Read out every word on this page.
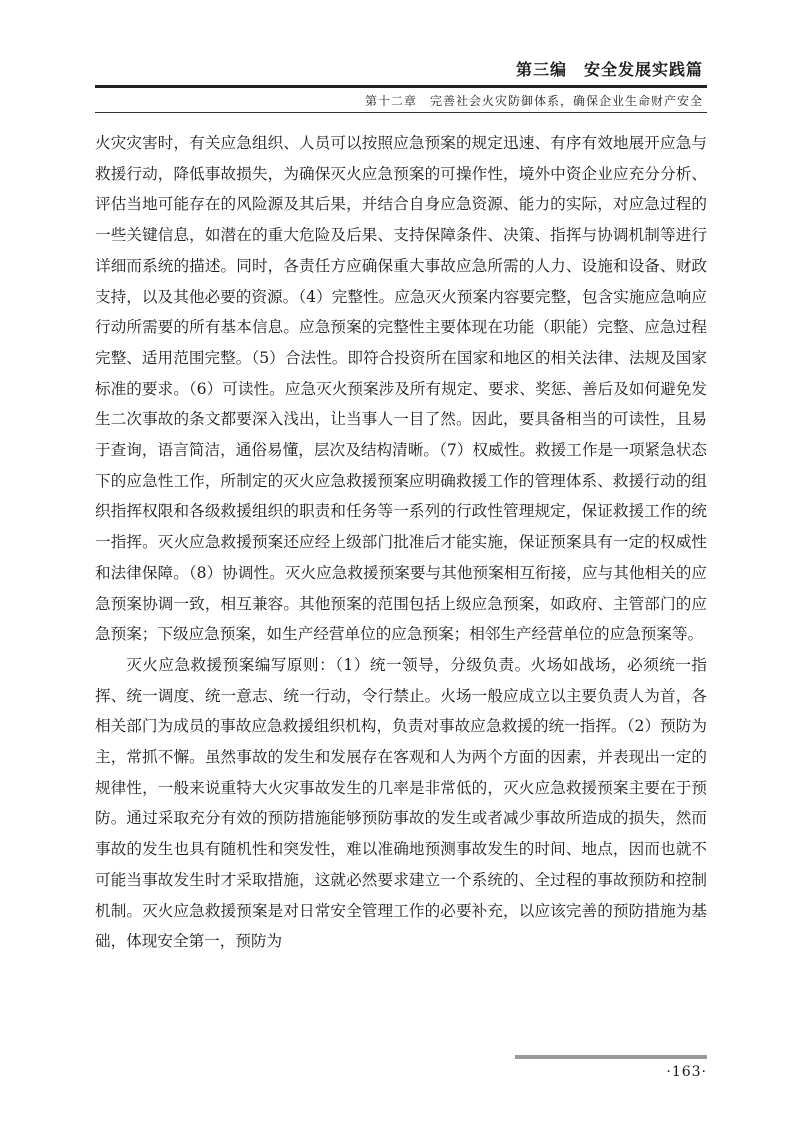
第三编　安全发展实践篇
第十二章　完善社会火灾防御体系，确保企业生命财产安全

火灾灾害时，有关应急组织、人员可以按照应急预案的规定迅速、有序有效地展开应急与救援行动，降低事故损失，为确保灭火应急预案的可操作性，境外中资企业应充分分析、评估当地可能存在的风险源及其后果，并结合自身应急资源、能力的实际，对应急过程的一些关键信息，如潜在的重大危险及后果、支持保障条件、决策、指挥与协调机制等进行详细而系统的描述。同时，各责任方应确保重大事故应急所需的人力、设施和设备、财政支持，以及其他必要的资源。（4）完整性。应急灭火预案内容要完整，包含实施应急响应行动所需要的所有基本信息。应急预案的完整性主要体现在功能（职能）完整、应急过程完整、适用范围完整。（5）合法性。即符合投资所在国家和地区的相关法律、法规及国家标准的要求。（6）可读性。应急灭火预案涉及所有规定、要求、奖惩、善后及如何避免发生二次事故的条文都要深入浅出，让当事人一目了然。因此，要具备相当的可读性，且易于查询，语言简洁，通俗易懂，层次及结构清晰。（7）权威性。救援工作是一项紧急状态下的应急性工作，所制定的灭火应急救援预案应明确救援工作的管理体系、救援行动的组织指挥权限和各级救援组织的职责和任务等一系列的行政性管理规定，保证救援工作的统一指挥。灭火应急救援预案还应经上级部门批准后才能实施，保证预案具有一定的权威性和法律保障。（8）协调性。灭火应急救援预案要与其他预案相互衔接，应与其他相关的应急预案协调一致，相互兼容。其他预案的范围包括上级应急预案，如政府、主管部门的应急预案；下级应急预案，如生产经营单位的应急预案；相邻生产经营单位的应急预案等。

灭火应急救援预案编写原则：（1）统一领导，分级负责。火场如战场，必须统一指挥、统一调度、统一意志、统一行动，令行禁止。火场一般应成立以主要负责人为首，各相关部门为成员的事故应急救援组织机构，负责对事故应急救援的统一指挥。（2）预防为主，常抓不懈。虽然事故的发生和发展存在客观和人为两个方面的因素，并表现出一定的规律性，一般来说重特大火灾事故发生的几率是非常低的，灭火应急救援预案主要在于预防。通过采取充分有效的预防措施能够预防事故的发生或者减少事故所造成的损失，然而事故的发生也具有随机性和突发性，难以准确地预测事故发生的时间、地点，因而也就不可能当事故发生时才采取措施，这就必然要求建立一个系统的、全过程的事故预防和控制机制。灭火应急救援预案是对日常安全管理工作的必要补充，以应该完善的预防措施为基础，体现安全第一，预防为

·163·
